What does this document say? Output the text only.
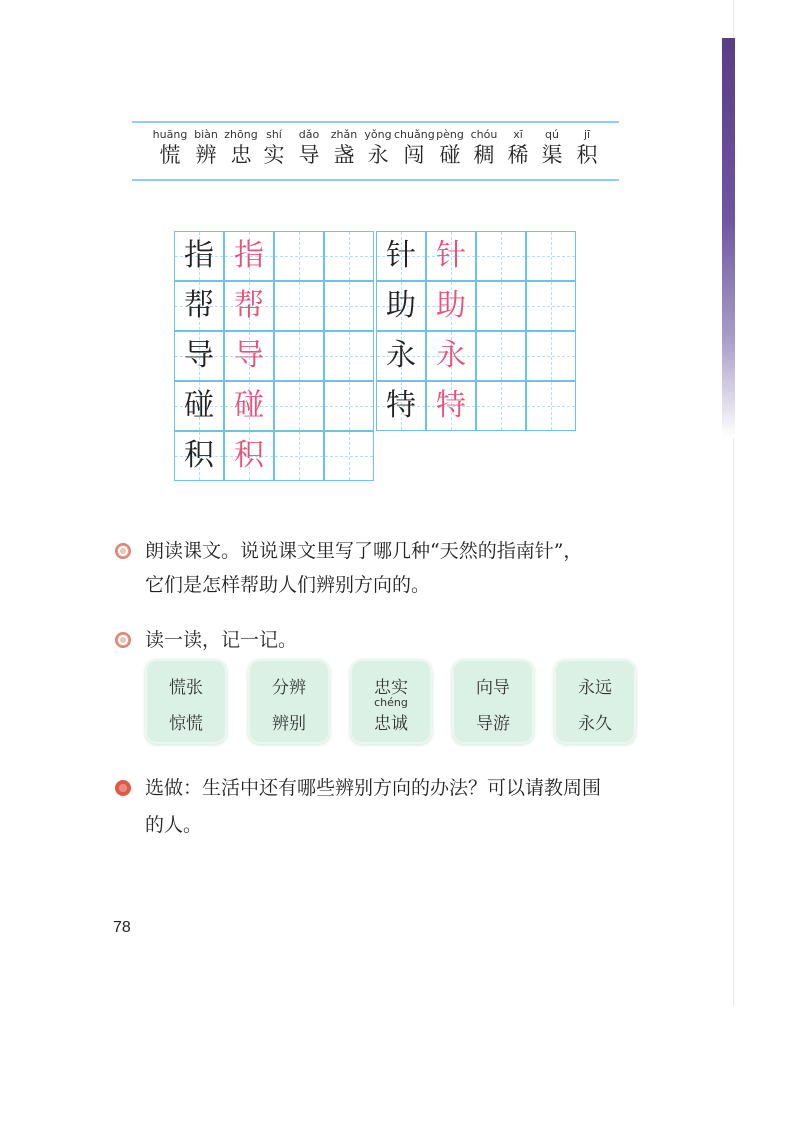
huāng
慌
biàn
辨
zhōng
忠
shí
实
dǎo
导
zhǎn
盏
yǒng
永
chuǎng
闯
pèng
碰
chóu
稠
xī
稀
qú
渠
jī
积
指 指
帮 帮
导 导
碰 碰
积 积
针 针
助 助
永 永
特 特
朗读课文。说说课文里写了哪几种“天然的指南针”，
它们是怎样帮助人们辨别方向的。
读一读，记一记。
慌张
惊慌
分辨
辨别
忠实
chéng
忠诚
向导
导游
永远
永久
选做：生活中还有哪些辨别方向的办法？可以请教周围
的人。
78
